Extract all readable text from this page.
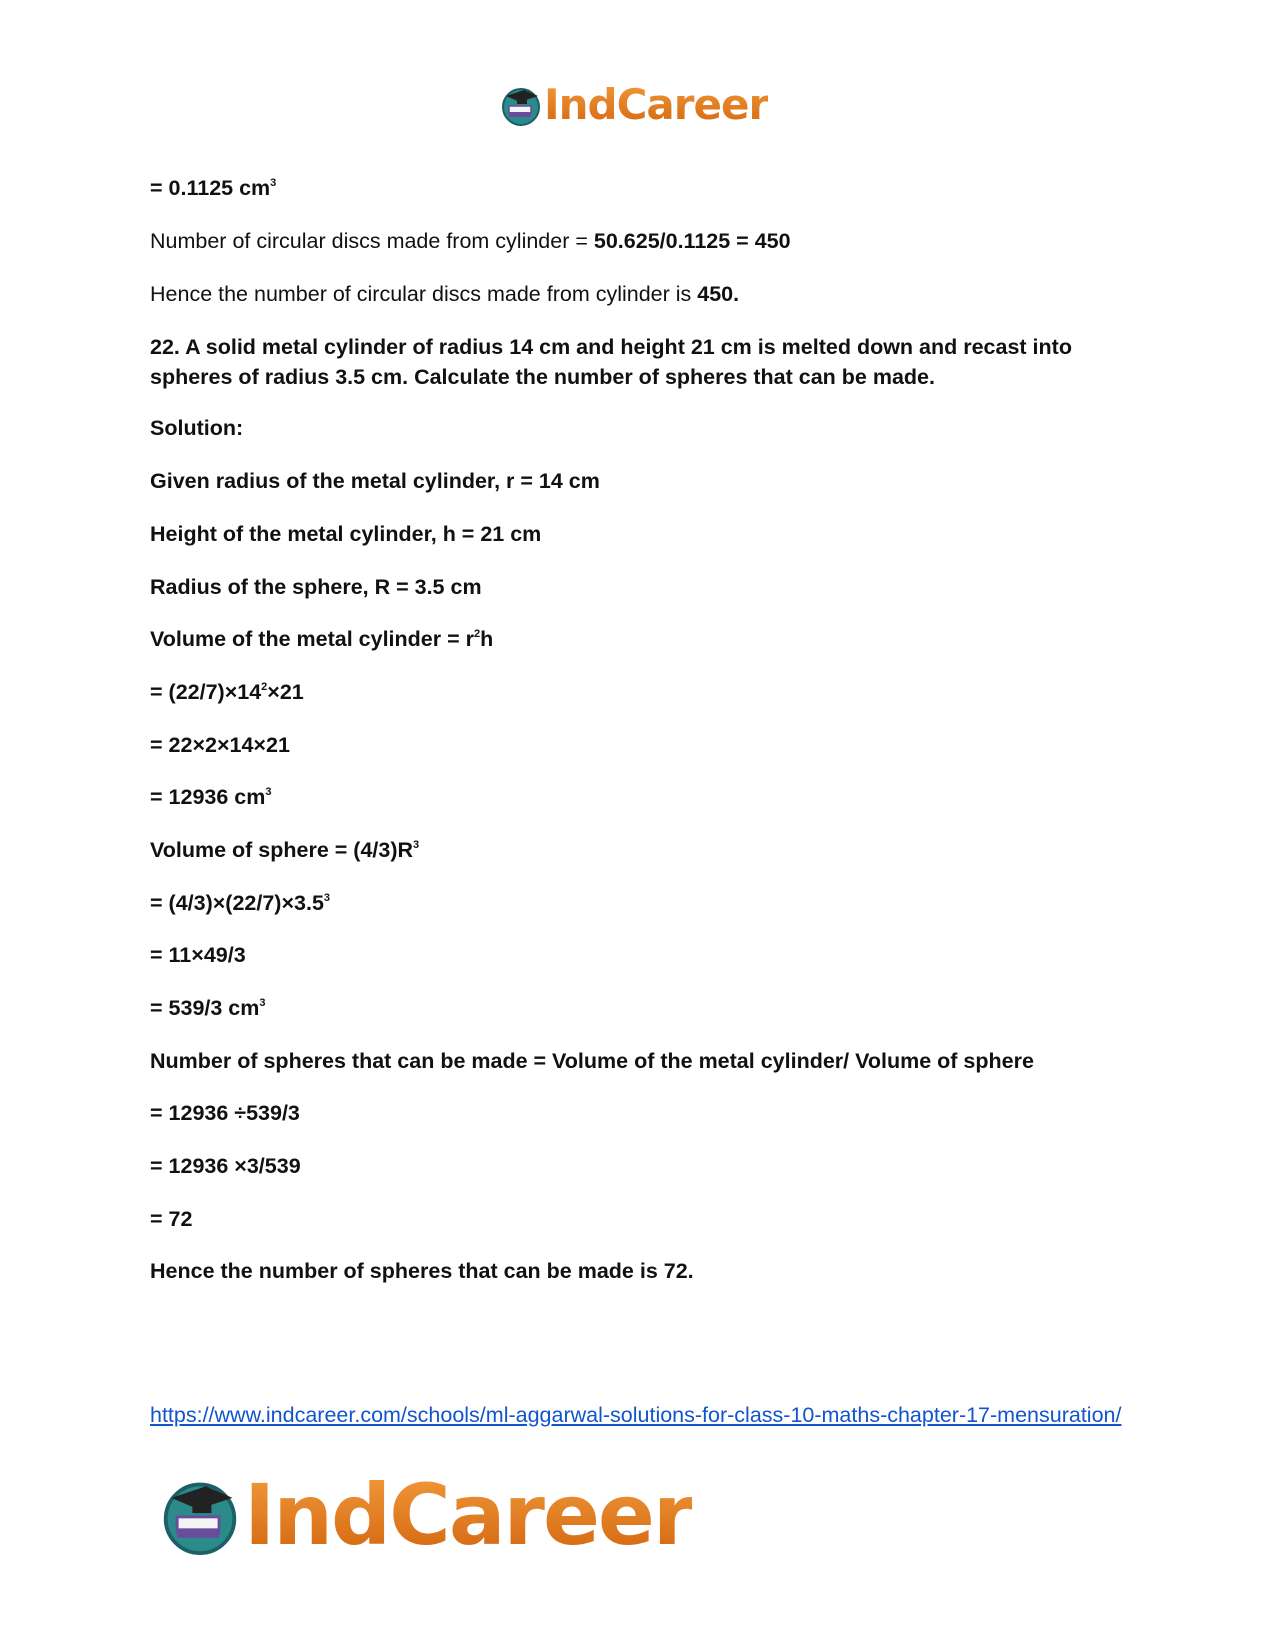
IndCareer
= 0.1125 $cm^3$
Number of circular discs made from cylinder = 50.625/0.1125 = 450
Hence the number of circular discs made from cylinder is 450.
22. A solid metal cylinder of radius 14 cm and height 21 cm is melted down and recast into spheres of radius 3.5 cm. Calculate the number of spheres that can be made.
Solution:
Given radius of the metal cylinder, r = 14 cm
Height of the metal cylinder, h = 21 cm
Radius of the sphere, R = 3.5 cm
Volume of the metal cylinder = $r^2h$
= $(22/7)\times 14^2\times 21$
= 22×2×14×21
= 12936 $cm^3$
Volume of sphere = $(4/3)R^3$
= $(4/3)\times(22/7)\times 3.5^3$
= 11×49/3
= 539/3 $cm^3$
Number of spheres that can be made = Volume of the metal cylinder/ Volume of sphere
= 12936 ÷539/3
= 12936 ×3/539
= 72
Hence the number of spheres that can be made is 72.
https://www.indcareer.com/schools/ml-aggarwal-solutions-for-class-10-maths-chapter-17-mensuration/
IndCareer
